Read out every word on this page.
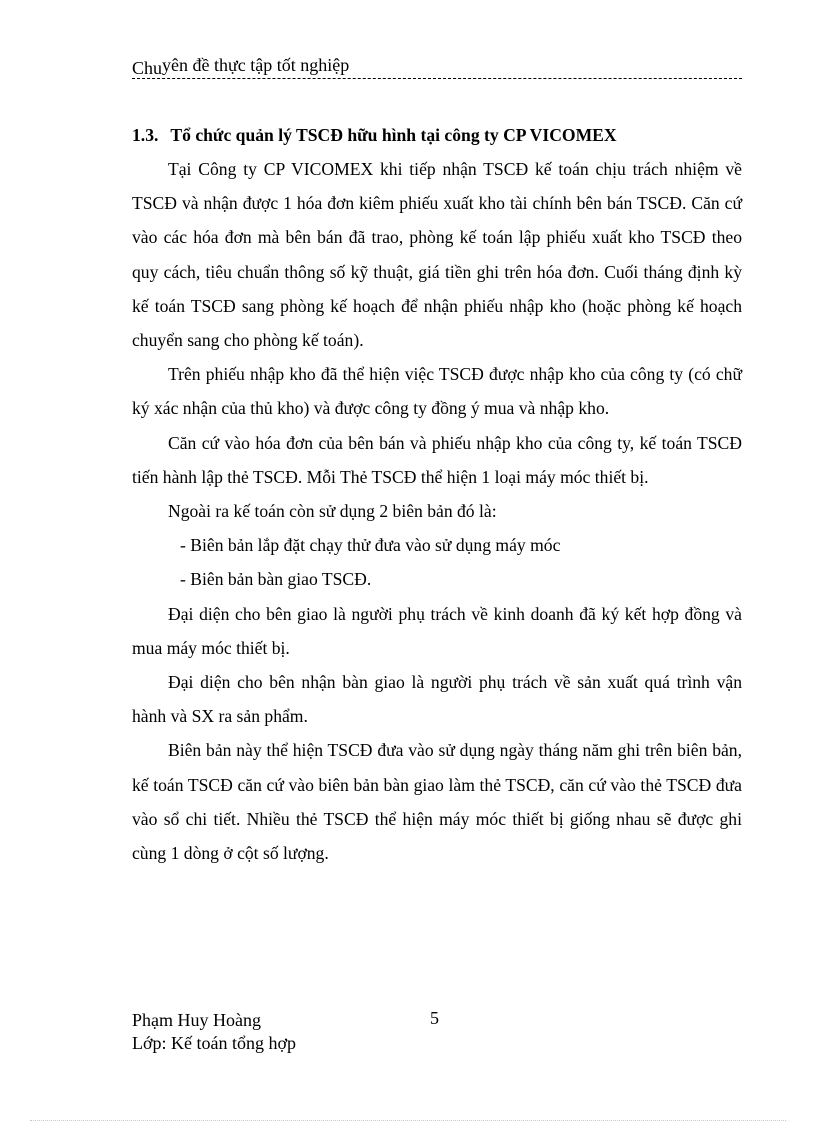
Chuyên đề thực tập tốt nghiệp

1.3. Tổ chức quản lý TSCĐ hữu hình tại công ty CP VICOMEX

Tại Công ty CP VICOMEX khi tiếp nhận TSCĐ kế toán chịu trách nhiệm về TSCĐ và nhận được 1 hóa đơn kiêm phiếu xuất kho tài chính bên bán TSCĐ. Căn cứ vào các hóa đơn mà bên bán đã trao, phòng kế toán lập phiếu xuất kho TSCĐ theo quy cách, tiêu chuẩn thông số kỹ thuật, giá tiền ghi trên hóa đơn. Cuối tháng định kỳ kế toán TSCĐ sang phòng kế hoạch để nhận phiếu nhập kho (hoặc phòng kế hoạch chuyển sang cho phòng kế toán).

Trên phiếu nhập kho đã thể hiện việc TSCĐ được nhập kho của công ty (có chữ ký xác nhận của thủ kho) và được công ty đồng ý mua và nhập kho.

Căn cứ vào hóa đơn của bên bán và phiếu nhập kho của công ty, kế toán TSCĐ tiến hành lập thẻ TSCĐ. Mỗi Thẻ TSCĐ thể hiện 1 loại máy móc thiết bị.

Ngoài ra kế toán còn sử dụng 2 biên bản đó là:

- Biên bản lắp đặt chạy thử đưa vào sử dụng máy móc

- Biên bản bàn giao TSCĐ.

Đại diện cho bên giao là người phụ trách về kinh doanh đã ký kết hợp đồng và mua máy móc thiết bị.

Đại diện cho bên nhận bàn giao là người phụ trách về sản xuất quá trình vận hành và SX ra sản phẩm.

Biên bản này thể hiện TSCĐ đưa vào sử dụng ngày tháng năm ghi trên biên bản, kế toán TSCĐ căn cứ vào biên bản bàn giao làm thẻ TSCĐ, căn cứ vào thẻ TSCĐ đưa vào sổ chi tiết. Nhiều thẻ TSCĐ thể hiện máy móc thiết bị giống nhau sẽ được ghi cùng 1 dòng ở cột số lượng.

Phạm Huy Hoàng	5
Lớp: Kế toán tổng hợp
